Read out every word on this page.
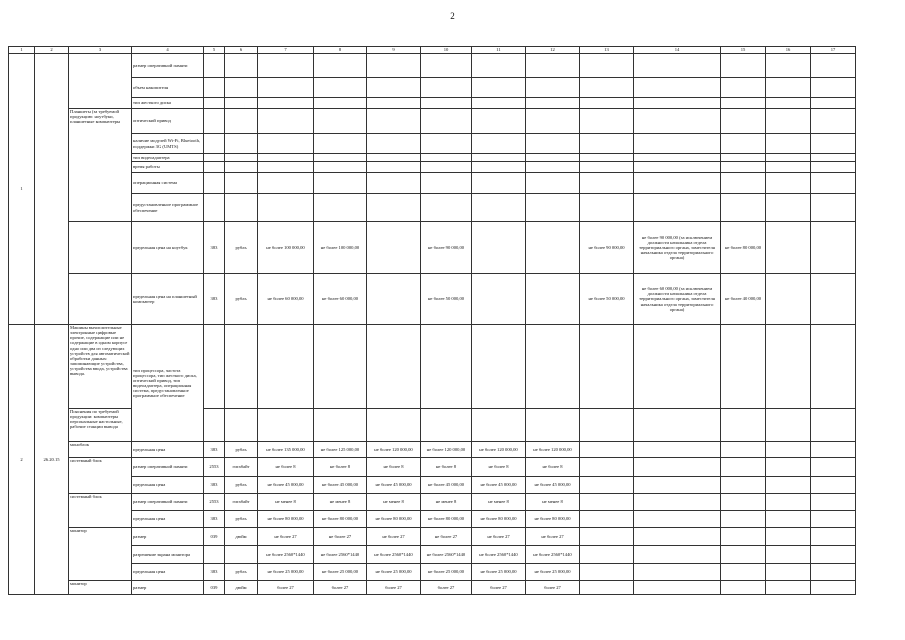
2
1	2	3	4	5	6	7	8	9	10	11	12	13	14	15	16	17
1			размер оперативной памяти													
			объем накопителя													
			тип жесткого диска													
		Планшеты (за требуемой продукцию: ноутбуки, планшетные компьютеры	оптический привод													
			наличие модулей Wi-Fi, Bluetooth, поддержки 3G (UMTS)													
			тип видеоадаптера													
			время работы													
			операционная система													
			предустановленное программное обеспечение													
			предельная цена на ноутбук	383	рубль	не более 100 000,00	не более 100 000,00		не более 90 000,00			не более 90 000,00	не более 90 000,00 (за исключением должности начальника отдела территориального органа, заместителя начальника отдела территориального органа)	не более 80 000,00		
			предельная цена на планшетный компьютер	383	рубль	не более 60 000,00	не более 60 000,00		не более 50 000,00			не более 50 000,00	не более 60 000,00 (за исключением должности начальника отдела территориального органа, заместителя начальника отдела территориального органа)	не более 40 000,00		
2	26.20.15	Машины вычислительные электронные цифровые прочие, содержащие или не содержащие в одном корпусе одно или два из следующих устройств для автоматической обработки данных: запоминающие устройства, устройства ввода, устройства вывода.	тип процессора, частота процессора, тип жесткого диска, оптический привод, тип видеоадаптера, операционная система, предустановленное программное обеспечение													
		Пояснения по требуемой продукции: компьютеры персональные настольные, рабочие станции вывода														
		моноблок	предельная цена	383	рубль	не более 135 000,00	не более 125 000,00	не более 120 000,00	не более 120 000,00	не более 120 000,00	не более 120 000,00					
		системный блок	размер оперативной памяти	2553	гигабайт	не более 8	не более 8	не более 8	не более 8	не более 8	не более 8					
			предельная цена	383	рубль	не более 45 000,00	не более 45 000,00	не более 45 000,00	не более 45 000,00	не более 45 000,00	не более 45 000,00					
		системный блок	размер оперативной памяти	2553	гигабайт	не менее 8	не менее 8	не менее 8	не менее 8	не менее 8	не менее 8					
			предельная цена	383	рубль	не более 80 000,00	не более 80 000,00	не более 80 000,00	не более 80 000,00	не более 80 000,00	не более 80 000,00					
		монитор	размер	039	дюйм	не более 27	не более 27	не более 27	не более 27	не более 27	не более 27					
			разрешение экрана монитора			не более 2560*1440	не более 2560*1440	не более 2560*1440	не более 2560*1440	не более 2560*1440	не более 2560*1440					
			предельная цена	383	рубль	не более 25 000,00	не более 25 000,00	не более 25 000,00	не более 25 000,00	не более 25 000,00	не более 25 000,00					
		монитор	размер	039	дюйм	более 27	более 27	более 27	более 27	более 27	более 27					
